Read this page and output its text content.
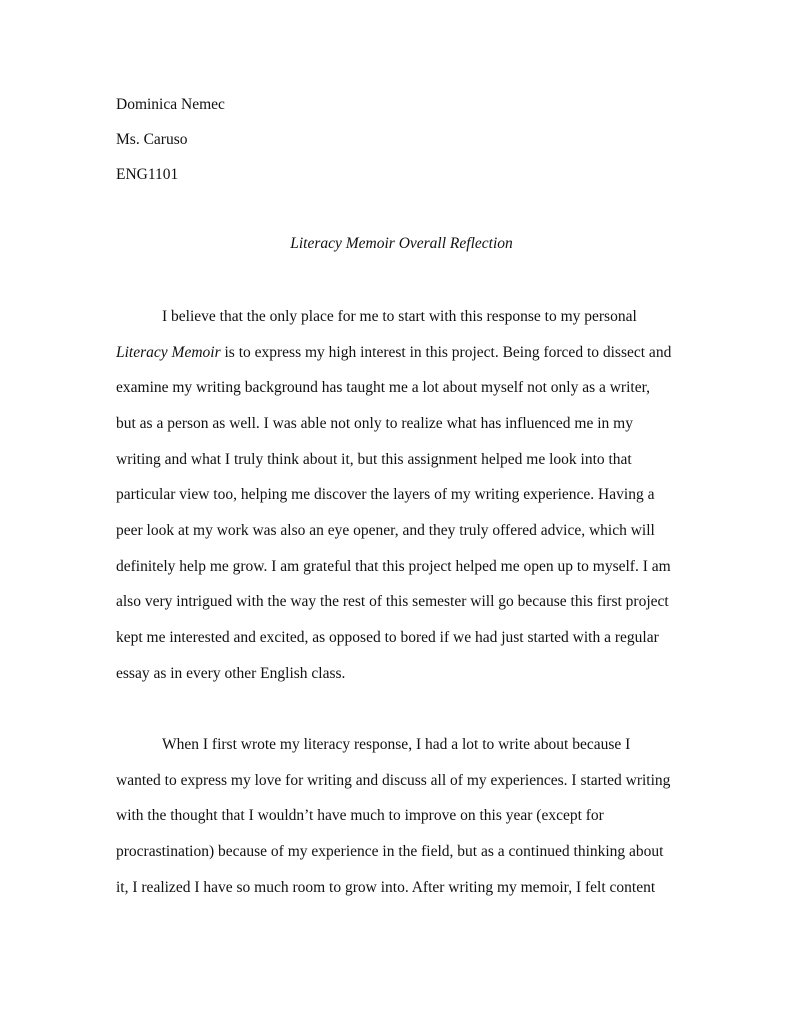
Dominica Nemec

Ms. Caruso

ENG1101

Literacy Memoir Overall Reflection

I believe that the only place for me to start with this response to my personal

Literacy Memoir is to express my high interest in this project. Being forced to dissect and

examine my writing background has taught me a lot about myself not only as a writer,

but as a person as well. I was able not only to realize what has influenced me in my

writing and what I truly think about it, but this assignment helped me look into that

particular view too, helping me discover the layers of my writing experience. Having a

peer look at my work was also an eye opener, and they truly offered advice, which will

definitely help me grow. I am grateful that this project helped me open up to myself. I am

also very intrigued with the way the rest of this semester will go because this first project

kept me interested and excited, as opposed to bored if we had just started with a regular

essay as in every other English class.

When I first wrote my literacy response, I had a lot to write about because I

wanted to express my love for writing and discuss all of my experiences. I started writing

with the thought that I wouldn’t have much to improve on this year (except for

procrastination) because of my experience in the field, but as a continued thinking about

it, I realized I have so much room to grow into. After writing my memoir, I felt content
